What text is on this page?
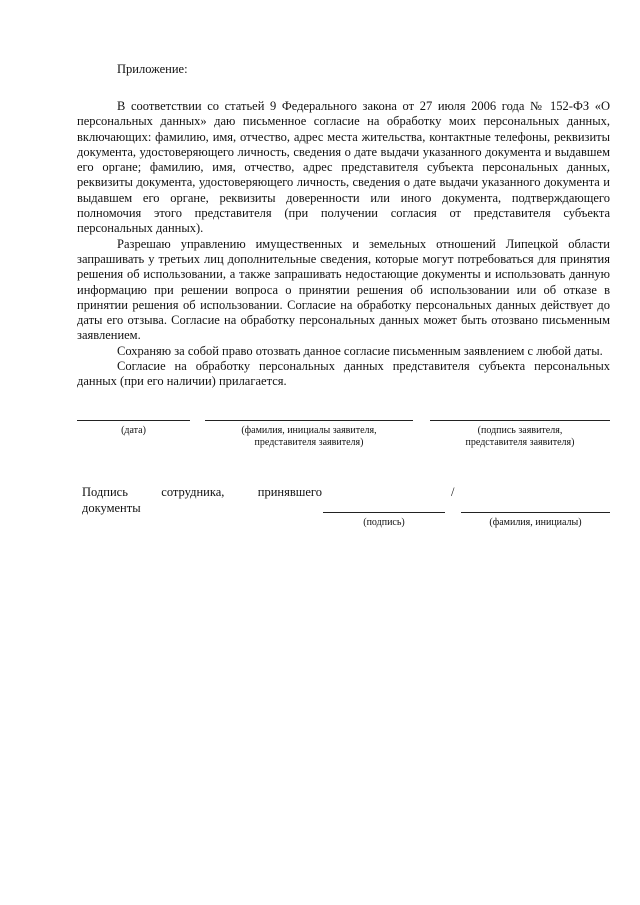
Приложение:

В соответствии со статьей 9 Федерального закона от 27 июля 2006 года № 152-ФЗ «О персональных данных» даю письменное согласие на обработку моих персональных данных, включающих: фамилию, имя, отчество, адрес места жительства, контактные телефоны, реквизиты документа, удостоверяющего личность, сведения о дате выдачи указанного документа и выдавшем его органе; фамилию, имя, отчество, адрес представителя субъекта персональных данных, реквизиты документа, удостоверяющего личность, сведения о дате выдачи указанного документа и выдавшем его органе, реквизиты доверенности или иного документа, подтверждающего полномочия этого представителя (при получении согласия от представителя субъекта персональных данных).

Разрешаю управлению имущественных и земельных отношений Липецкой области запрашивать у третьих лиц дополнительные сведения, которые могут потребоваться для принятия решения об использовании, а также запрашивать недостающие документы и использовать данную информацию при решении вопроса о принятии решения об использовании или об отказе в принятии решения об использовании. Согласие на обработку персональных данных действует до даты его отзыва. Согласие на обработку персональных данных может быть отозвано письменным заявлением.

Сохраняю за собой право отозвать данное согласие письменным заявлением с любой даты.

Согласие на обработку персональных данных представителя субъекта персональных данных (при его наличии) прилагается.

(дата)	(фамилия, инициалы заявителя,
представителя заявителя)
(подпись заявителя,
представителя заявителя)
Подпись сотрудника, принявшего
документы
/
(подпись)	(фамилия, инициалы)
